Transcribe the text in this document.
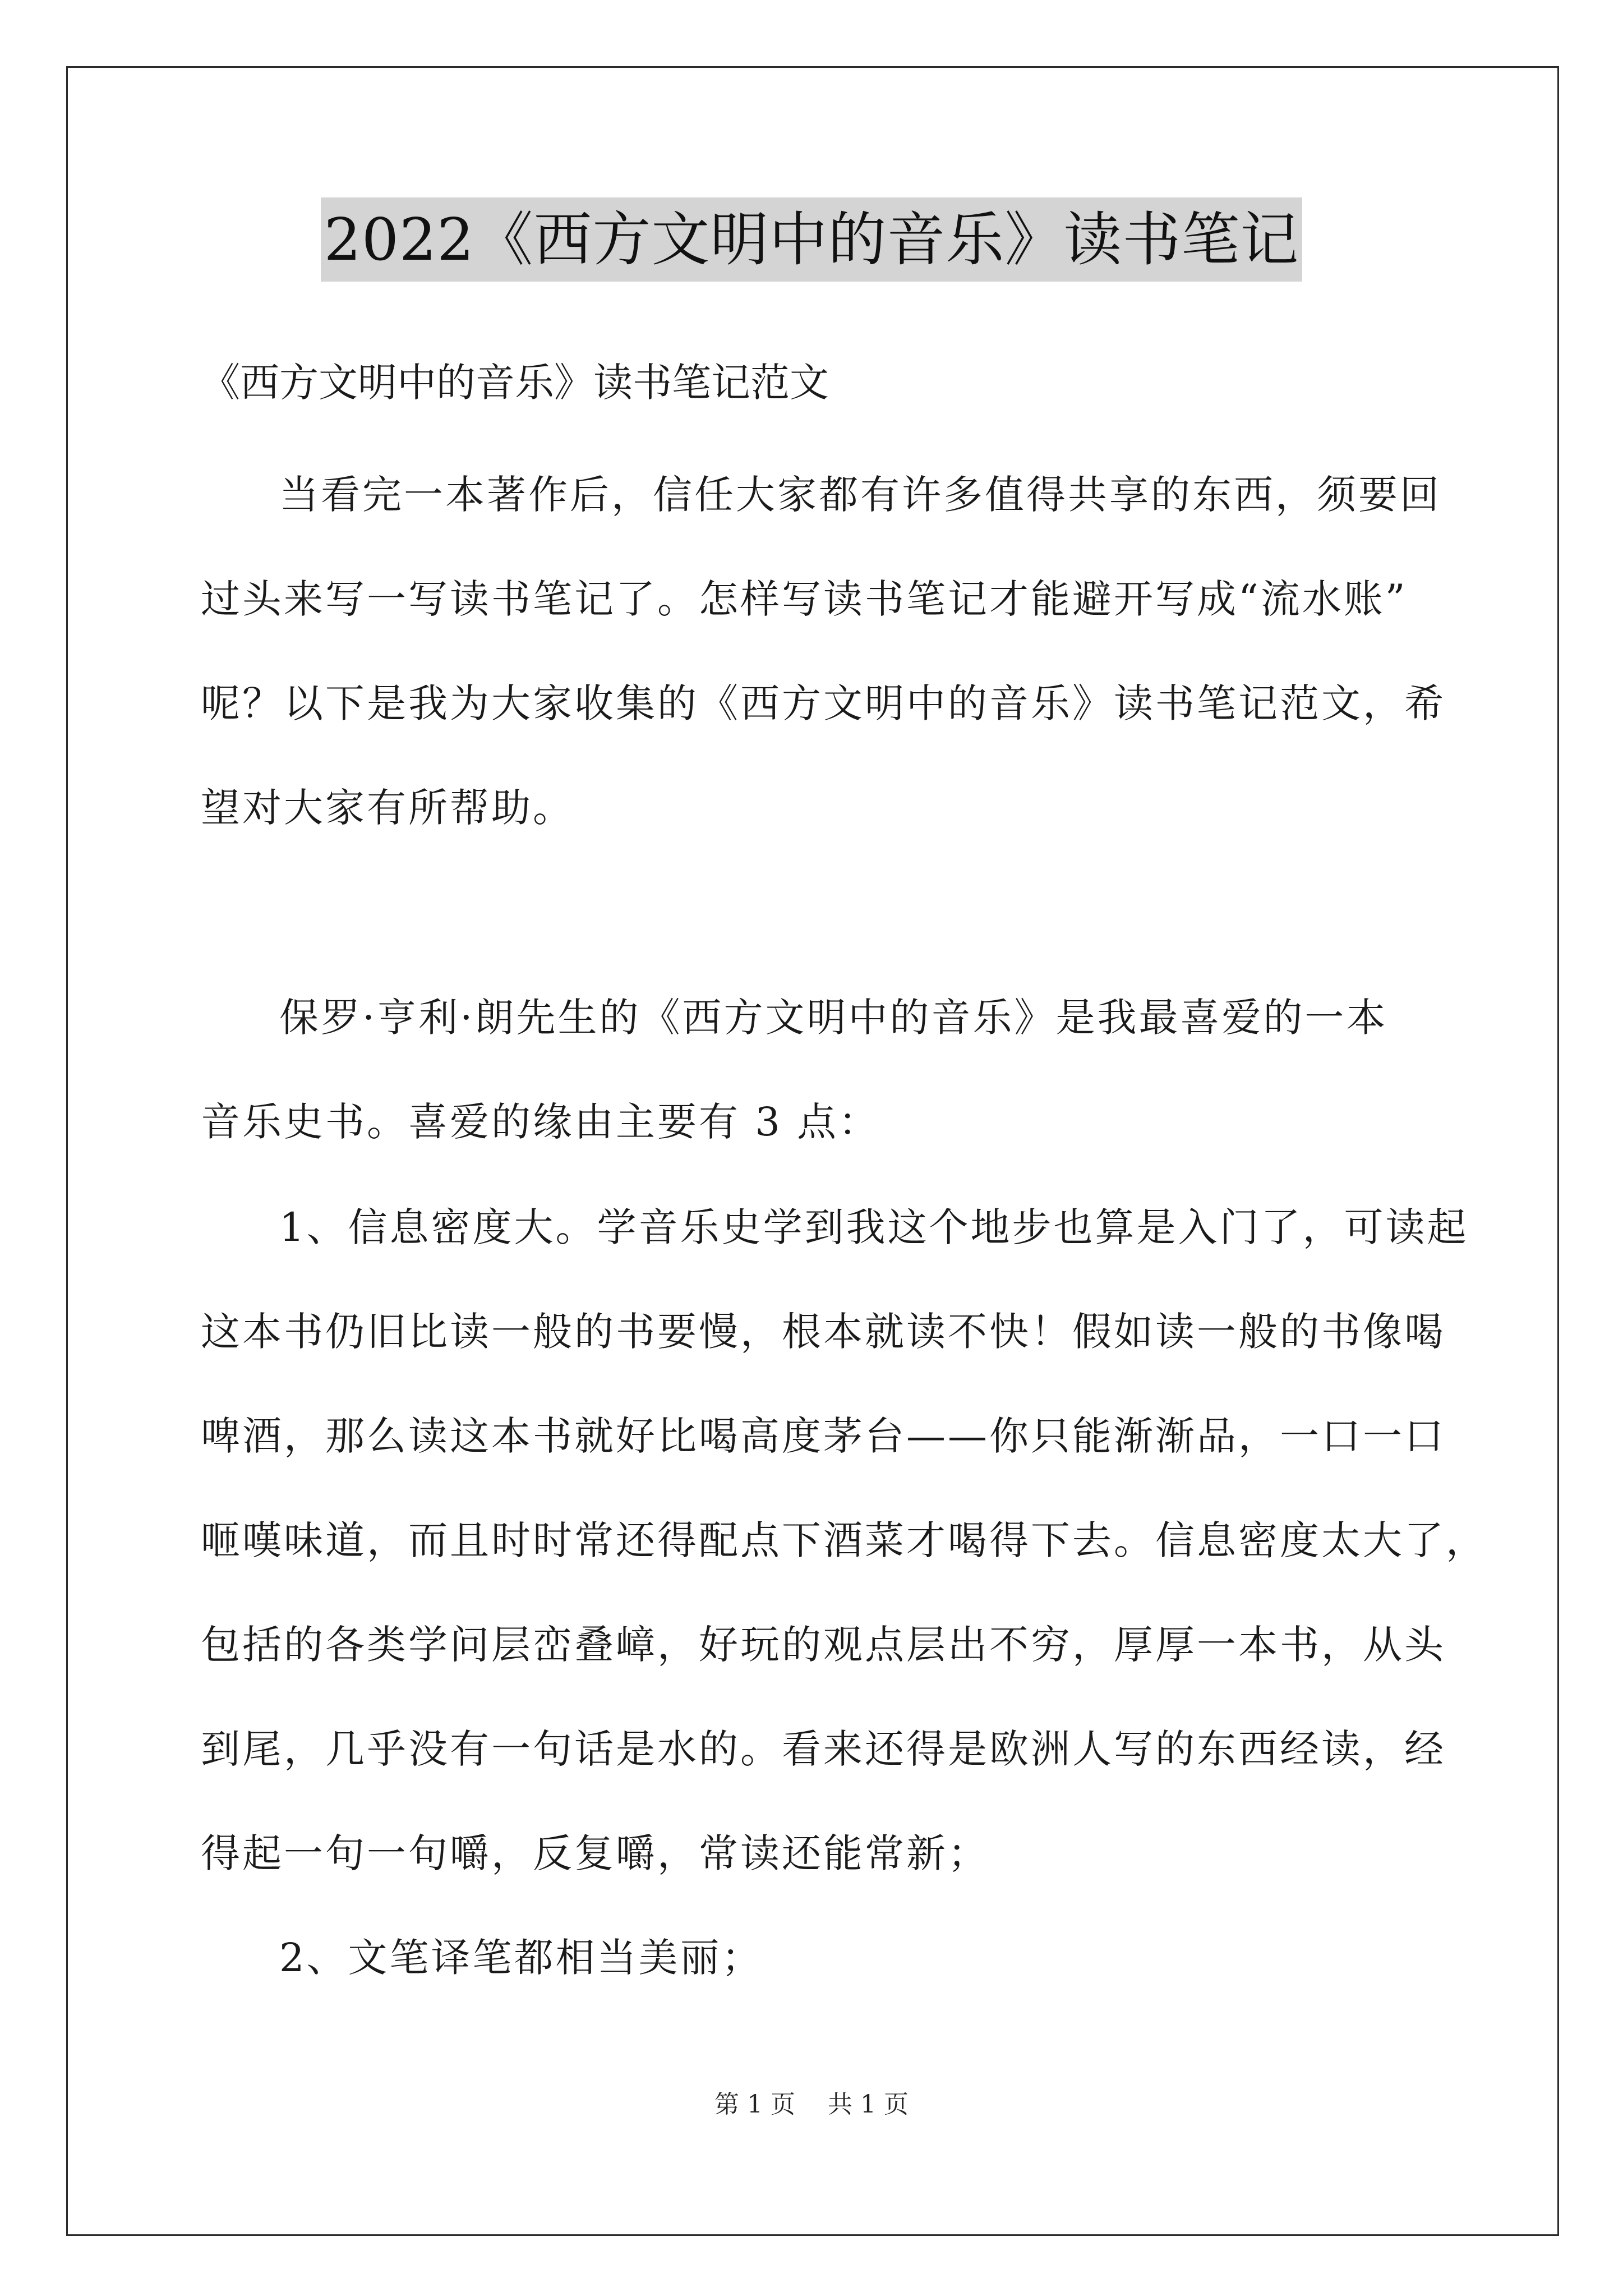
2022《西方文明中的音乐》读书笔记
《西方文明中的音乐》读书笔记范文
当看完一本著作后，信任大家都有许多值得共享的东西，须要回
过头来写一写读书笔记了。怎样写读书笔记才能避开写成“流水账”
呢？以下是我为大家收集的《西方文明中的音乐》读书笔记范文，希
望对大家有所帮助。
保罗·亨利·朗先生的《西方文明中的音乐》是我最喜爱的一本
音乐史书。喜爱的缘由主要有 3 点：
1、信息密度大。学音乐史学到我这个地步也算是入门了，可读起
这本书仍旧比读一般的书要慢，根本就读不快！假如读一般的书像喝
啤酒，那么读这本书就好比喝高度茅台——你只能渐渐品，一口一口
咂嘆味道，而且时时常还得配点下酒菜才喝得下去。信息密度太大了，
包括的各类学问层峦叠嶂，好玩的观点层出不穷，厚厚一本书，从头
到尾，几乎没有一句话是水的。看来还得是欧洲人写的东西经读，经
得起一句一句嚼，反复嚼，常读还能常新；
2、文笔译笔都相当美丽；
第 1 页 共 1 页
